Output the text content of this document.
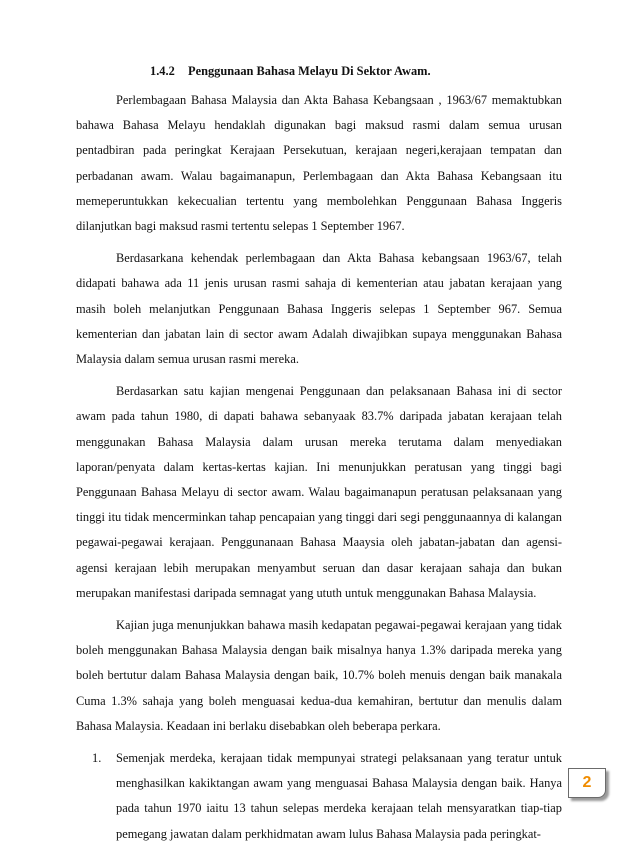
1.4.2 Penggunaan Bahasa Melayu Di Sektor Awam.

Perlembagaan Bahasa Malaysia dan Akta Bahasa Kebangsaan , 1963/67 memaktubkan bahawa Bahasa Melayu hendaklah digunakan bagi maksud rasmi dalam semua urusan pentadbiran pada peringkat Kerajaan Persekutuan, kerajaan negeri,kerajaan tempatan dan perbadanan awam. Walau bagaimanapun, Perlembagaan dan Akta Bahasa Kebangsaan itu memeperuntukkan kekecualian tertentu yang membolehkan Penggunaan Bahasa Inggeris dilanjutkan bagi maksud rasmi tertentu selepas 1 September 1967.

Berdasarkana kehendak perlembagaan dan Akta Bahasa kebangsaan 1963/67, telah didapati bahawa ada 11 jenis urusan rasmi sahaja di kementerian atau jabatan kerajaan yang masih boleh melanjutkan Penggunaan Bahasa Inggeris selepas 1 September 967. Semua kementerian dan jabatan lain di sector awam Adalah diwajibkan supaya menggunakan Bahasa Malaysia dalam semua urusan rasmi mereka.

Berdasarkan satu kajian mengenai Penggunaan dan pelaksanaan Bahasa ini di sector awam pada tahun 1980, di dapati bahawa sebanyaak 83.7% daripada jabatan kerajaan telah menggunakan Bahasa Malaysia dalam urusan mereka terutama dalam menyediakan laporan/penyata dalam kertas-kertas kajian. Ini menunjukkan peratusan yang tinggi bagi Penggunaan Bahasa Melayu di sector awam. Walau bagaimanapun peratusan pelaksanaan yang tinggi itu tidak mencerminkan tahap pencapaian yang tinggi dari segi penggunaannya di kalangan pegawai-pegawai kerajaan. Penggunanaan Bahasa Maaysia oleh jabatan-jabatan dan agensi-agensi kerajaan lebih merupakan menyambut seruan dan dasar kerajaan sahaja dan bukan merupakan manifestasi daripada semnagat yang ututh untuk menggunakan Bahasa Malaysia.

Kajian juga menunjukkan bahawa masih kedapatan pegawai-pegawai kerajaan yang tidak boleh menggunakan Bahasa Malaysia dengan baik misalnya hanya 1.3% daripada mereka yang boleh bertutur dalam Bahasa Malaysia dengan baik, 10.7% boleh menuis dengan baik manakala Cuma 1.3% sahaja yang boleh menguasai kedua-dua kemahiran, bertutur dan menulis dalam Bahasa Malaysia. Keadaan ini berlaku disebabkan oleh beberapa perkara.

1. Semenjak merdeka, kerajaan tidak mempunyai strategi pelaksanaan yang teratur untuk menghasilkan kakiktangan awam yang menguasai Bahasa Malaysia dengan baik. Hanya pada tahun 1970 iaitu 13 tahun selepas merdeka kerajaan telah mensyaratkan tiap-tiap pemegang jawatan dalam perkhidmatan awam lulus Bahasa Malaysia pada peringkat-
2
